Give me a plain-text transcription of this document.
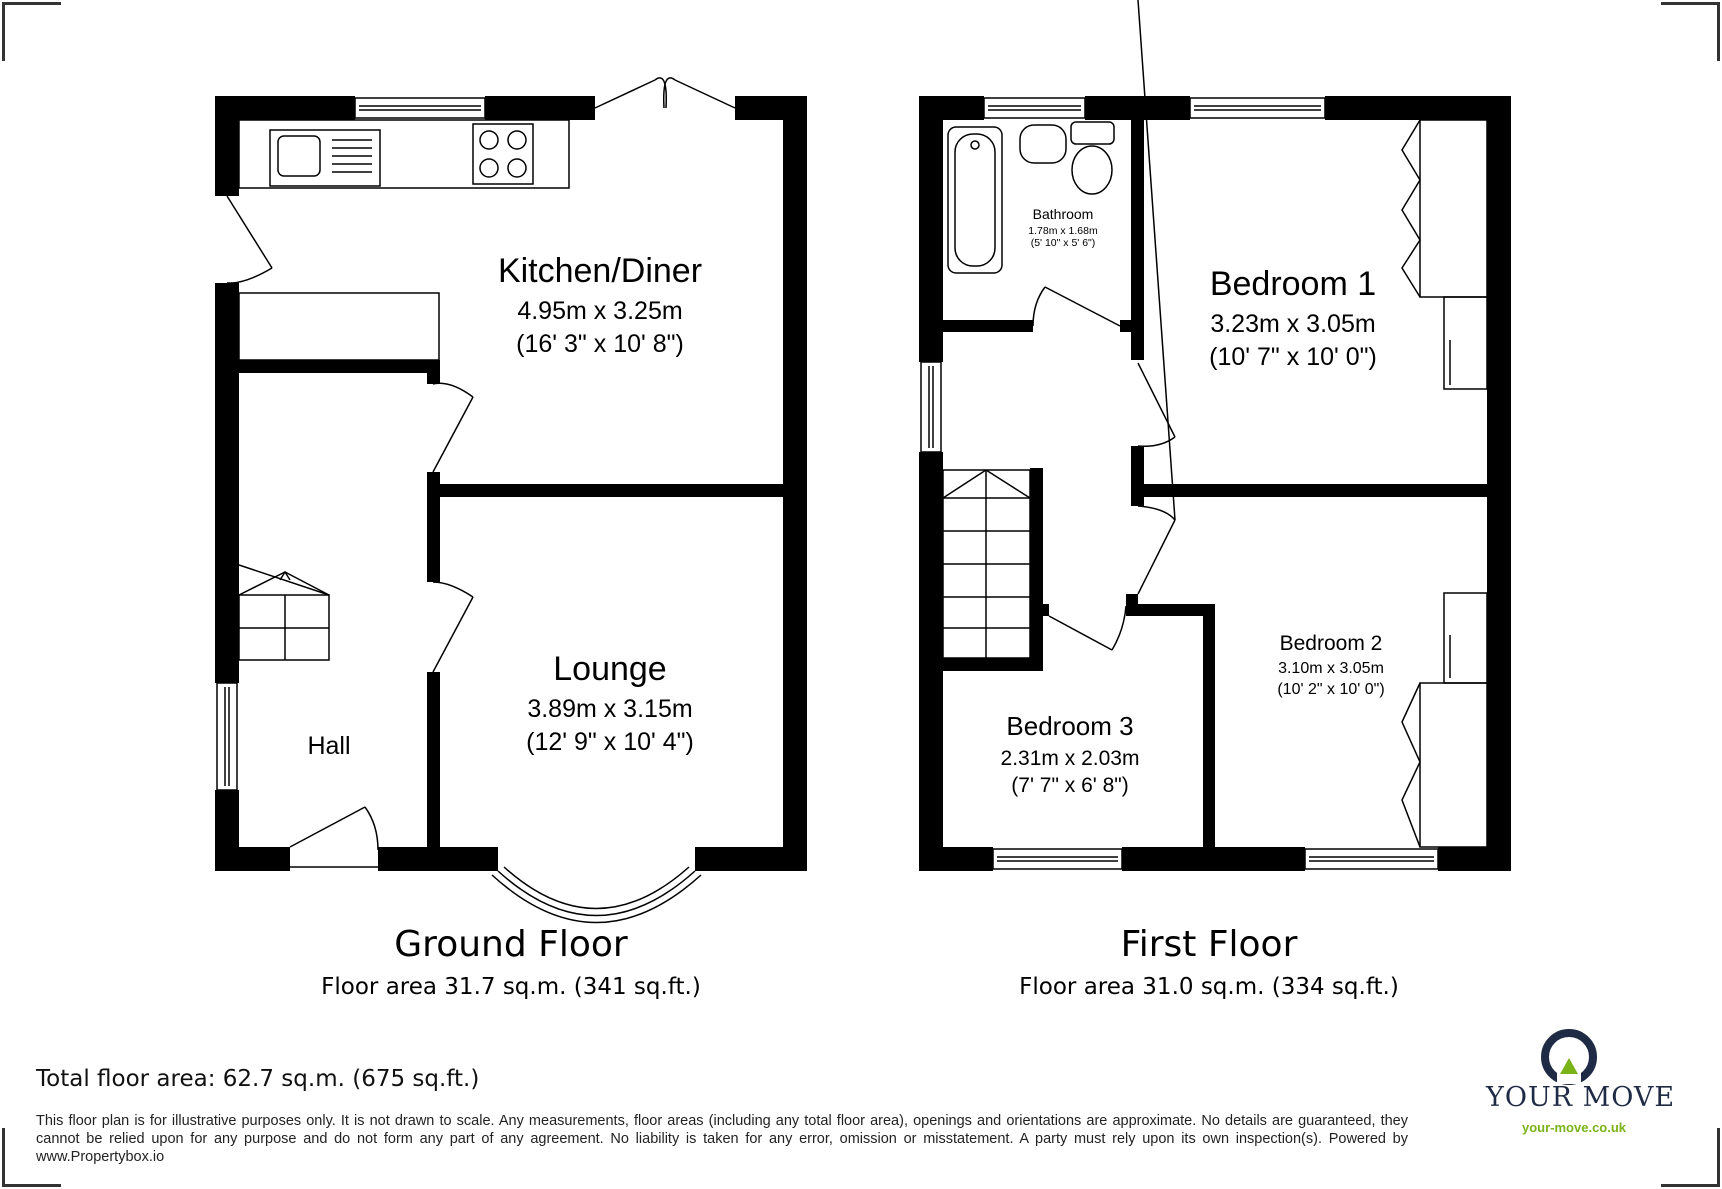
Kitchen/Diner
4.95m x 3.25m
(16' 3" x 10' 8")
Lounge
3.89m x 3.15m
(12' 9" x 10' 4")
Hall
Bathroom
1.78m x 1.68m
(5' 10" x 5' 6")
Bedroom 1
3.23m x 3.05m
(10' 7" x 10' 0")
Bedroom 2
3.10m x 3.05m
(10' 2" x 10' 0")
Bedroom 3
2.31m x 2.03m
(7' 7" x 6' 8")
Ground Floor
Floor area 31.7 sq.m. (341 sq.ft.)
First Floor
Floor area 31.0 sq.m. (334 sq.ft.)
Total floor area: 62.7 sq.m. (675 sq.ft.)
This floor plan is for illustrative purposes only. It is not drawn to scale. Any measurements, floor areas (including any total floor area), openings and orientations are approximate. No details are guaranteed, they cannot be relied upon for any purpose and do not form any part of any agreement. No liability is taken for any error, omission or misstatement. A party must rely upon its own inspection(s). Powered by www.Propertybox.io
YOUR MOVE
your-move.co.uk
